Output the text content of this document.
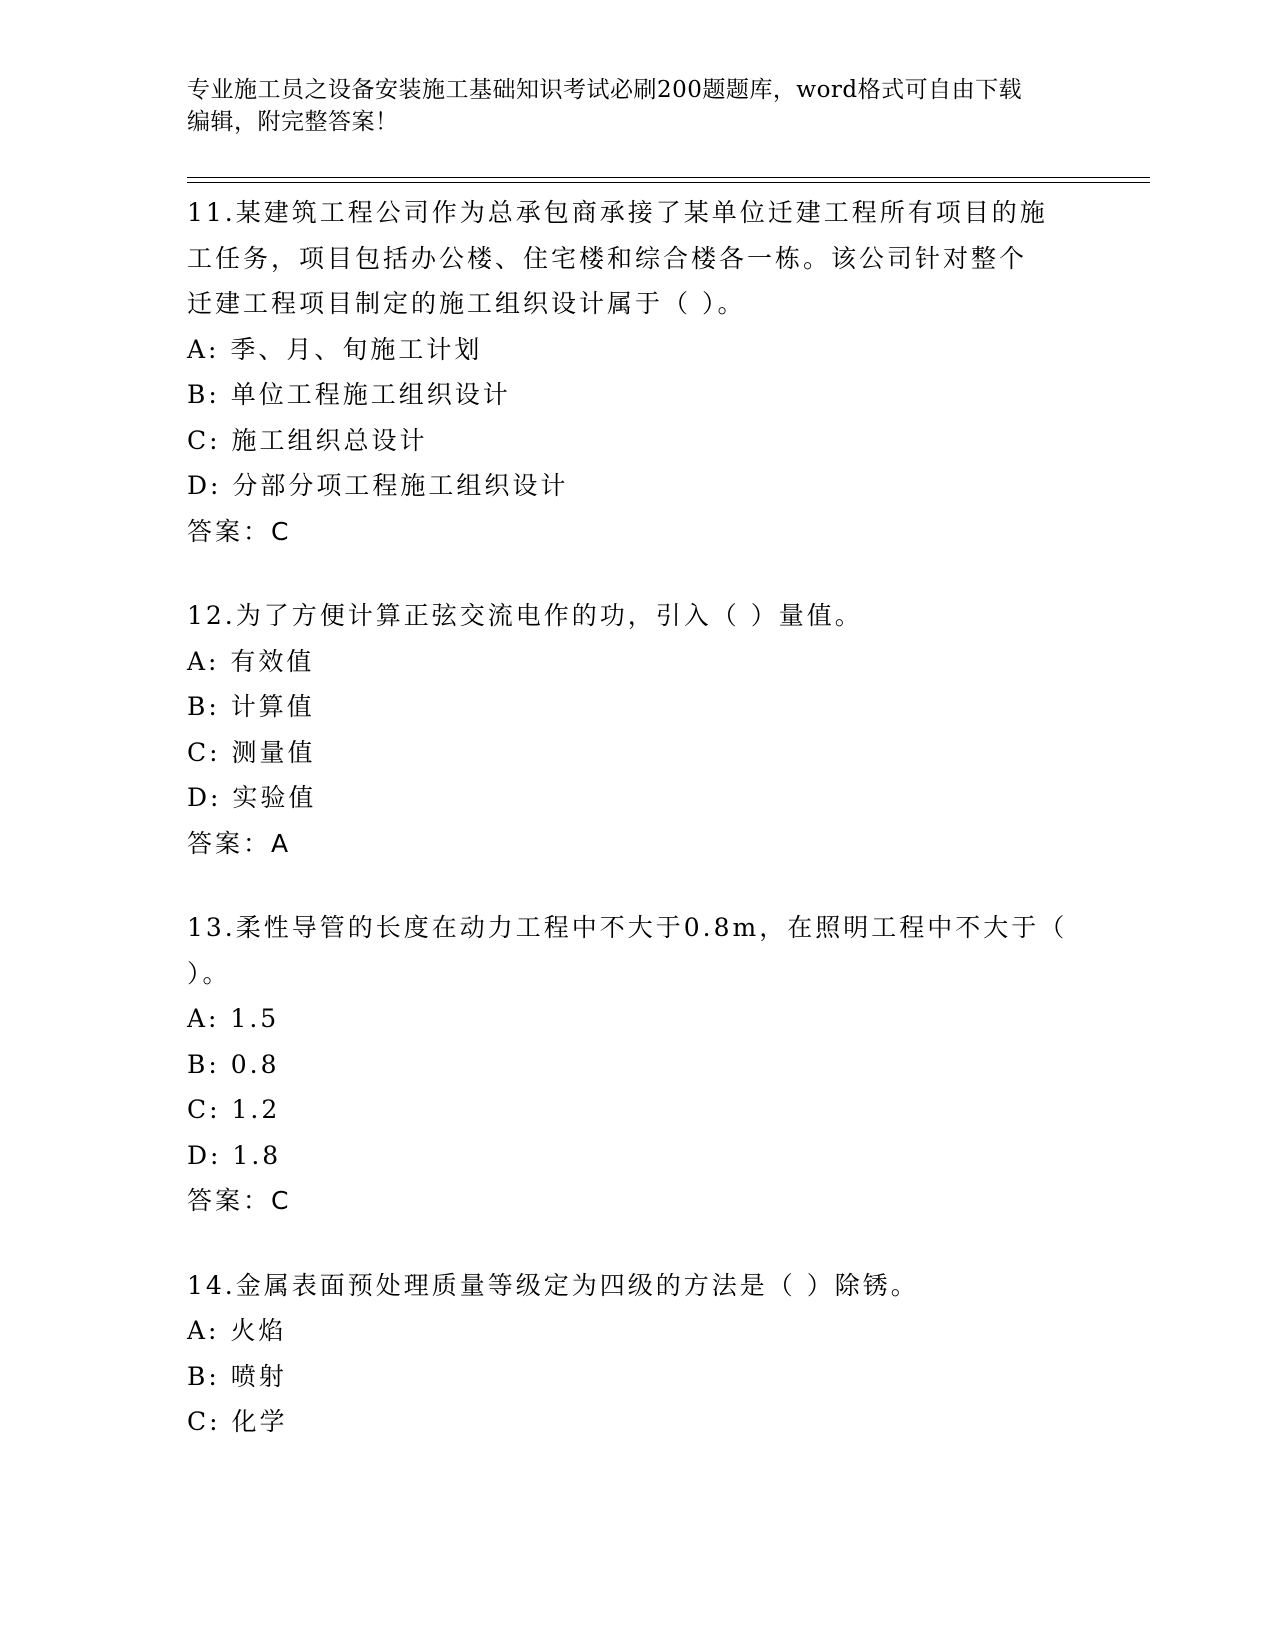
专业施工员之设备安装施工基础知识考试必刷200题题库，word格式可自由下载
编辑，附完整答案！
11.某建筑工程公司作为总承包商承接了某单位迁建工程所有项目的施
工任务，项目包括办公楼、住宅楼和综合楼各一栋。该公司针对整个
迁建工程项目制定的施工组织设计属于（ ）。
A: 季、月、旬施工计划
B: 单位工程施工组织设计
C: 施工组织总设计
D: 分部分项工程施工组织设计
答案：C
12.为了方便计算正弦交流电作的功，引入（ ）量值。
A: 有效值
B: 计算值
C: 测量值
D: 实验值
答案：A
13.柔性导管的长度在动力工程中不大于0.8m，在照明工程中不大于（
）。
A: 1.5
B: 0.8
C: 1.2
D: 1.8
答案：C
14.金属表面预处理质量等级定为四级的方法是（ ）除锈。
A: 火焰
B: 喷射
C: 化学
